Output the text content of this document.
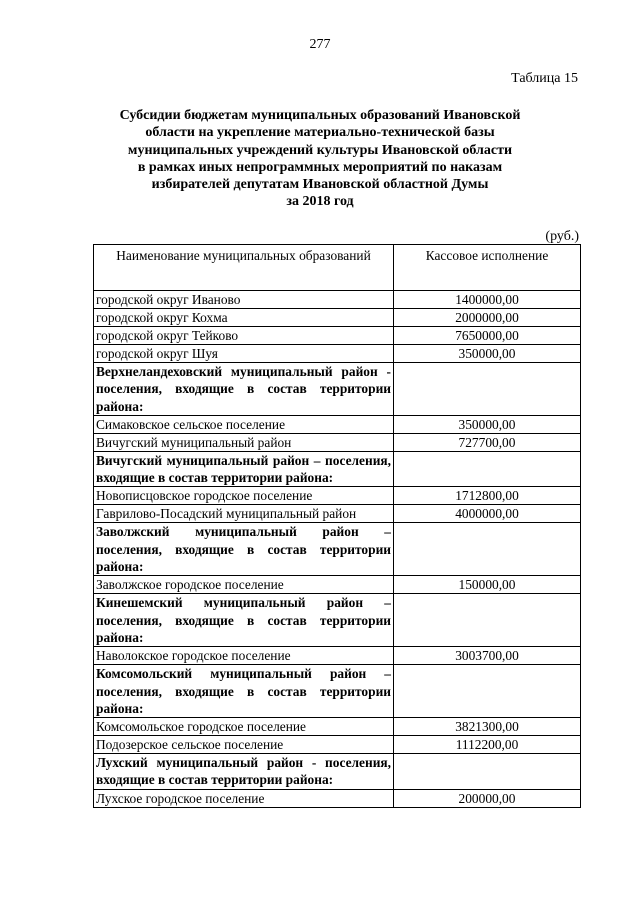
277
Таблица 15
Субсидии бюджетам муниципальных образований Ивановской
области на укрепление материально-технической базы
муниципальных учреждений культуры Ивановской области
в рамках иных непрограммных мероприятий по наказам
избирателей депутатам Ивановской областной Думы
за 2018 год
(руб.)
Наименование муниципальных образований	Кассовое исполнение
городской округ Иваново	1400000,00
городской округ Кохма	2000000,00
городской округ Тейково	7650000,00
городской округ Шуя	350000,00
Верхнеландеховский муниципальный район - поселения, входящие в состав территории района:	
Симаковское сельское поселение	350000,00
Вичугский муниципальный район	727700,00
Вичугский муниципальный район – поселения, входящие в состав территории района:	
Новописцовское городское поселение	1712800,00
Гаврилово-Посадский муниципальный район	4000000,00
Заволжский муниципальный район – поселения, входящие в состав территории района:	
Заволжское городское поселение	150000,00
Кинешемский муниципальный район – поселения, входящие в состав территории района:	
Наволокское городское поселение	3003700,00
Комсомольский муниципальный район – поселения, входящие в состав территории района:	
Комсомольское городское поселение	3821300,00
Подозерское сельское поселение	1112200,00
Лухский муниципальный район - поселения, входящие в состав территории района:	
Лухское городское поселение	200000,00
